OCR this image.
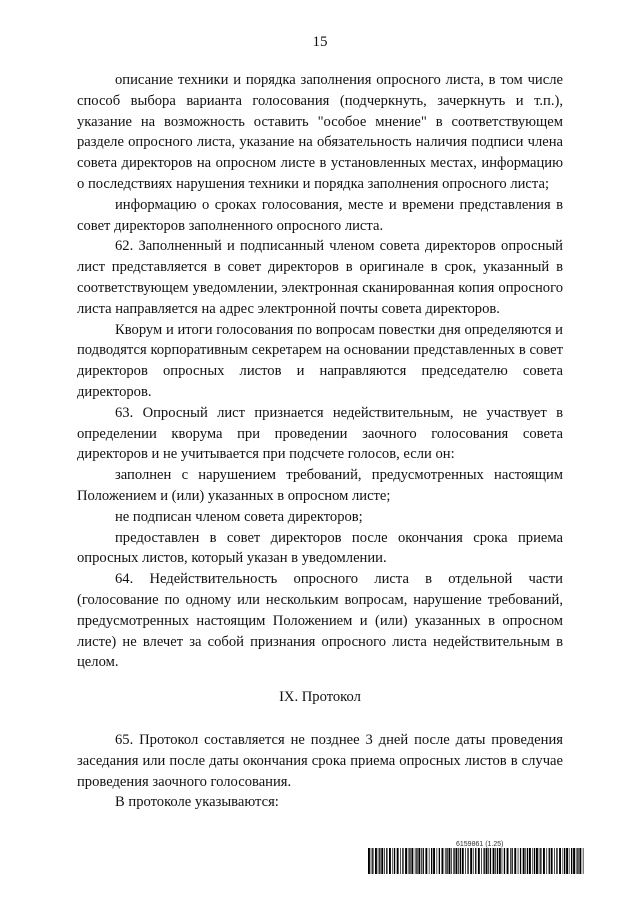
15

описание техники и порядка заполнения опросного листа, в том числе способ выбора варианта голосования (подчеркнуть, зачеркнуть и т.п.), указание на возможность оставить "особое мнение" в соответствующем разделе опросного листа, указание на обязательность наличия подписи члена совета директоров на опросном листе в установленных местах, информацию о последствиях нарушения техники и порядка заполнения опросного листа;

информацию о сроках голосования, месте и времени представления в совет директоров заполненного опросного листа.

62. Заполненный и подписанный членом совета директоров опросный лист представляется в совет директоров в оригинале в срок, указанный в соответствующем уведомлении, электронная сканированная копия опросного листа направляется на адрес электронной почты совета директоров.

Кворум и итоги голосования по вопросам повестки дня определяются и подводятся корпоративным секретарем на основании представленных в совет директоров опросных листов и направляются председателю совета директоров.

63. Опросный лист признается недействительным, не участвует в определении кворума при проведении заочного голосования совета директоров и не учитывается при подсчете голосов, если он:

заполнен с нарушением требований, предусмотренных настоящим Положением и (или) указанных в опросном листе;

не подписан членом совета директоров;

предоставлен в совет директоров после окончания срока приема опросных листов, который указан в уведомлении.

64. Недействительность опросного листа в отдельной части (голосование по одному или нескольким вопросам, нарушение требований, предусмотренных настоящим Положением и (или) указанных в опросном листе) не влечет за собой признания опросного листа недействительным в целом.

IX. Протокол

65. Протокол составляется не позднее 3 дней после даты проведения заседания или после даты окончания срока приема опросных листов в случае проведения заочного голосования.

В протоколе указываются:

6159861 (1.25)
